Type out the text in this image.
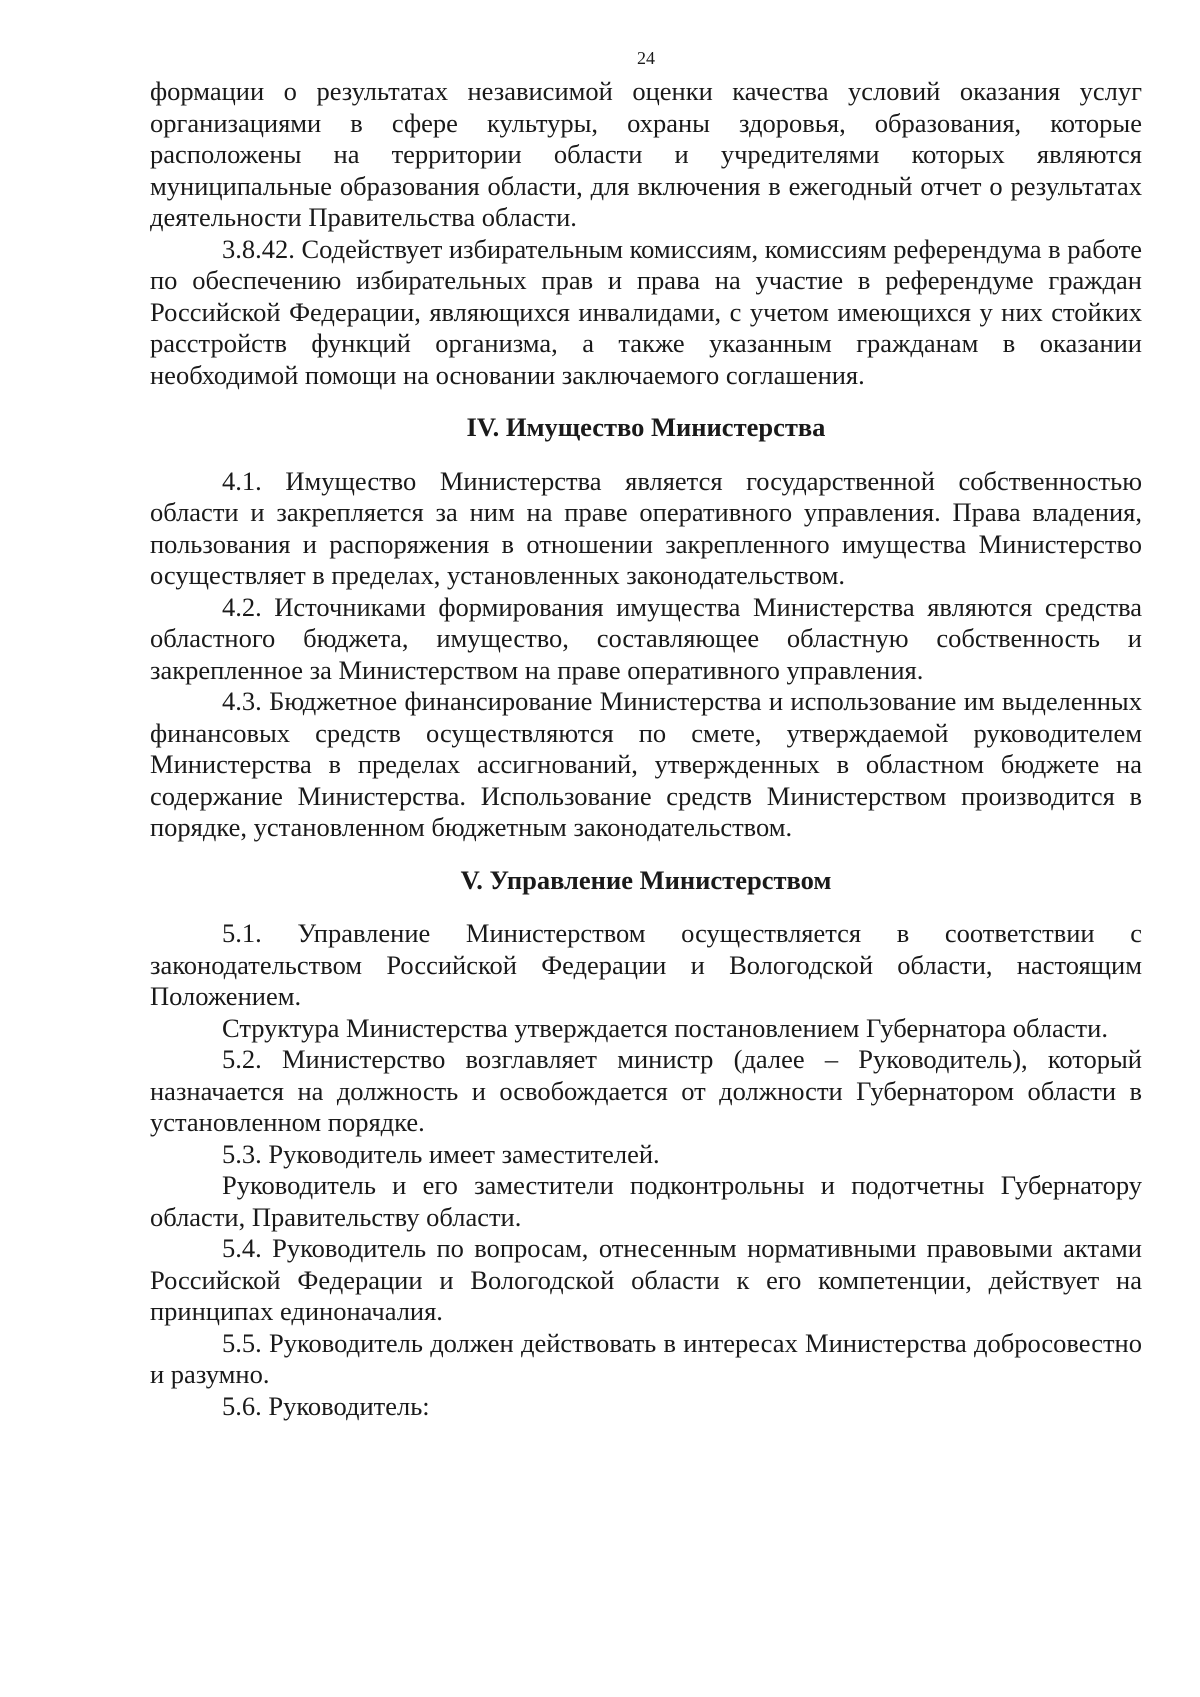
24

формации о результатах независимой оценки качества условий оказания услуг организациями в сфере культуры, охраны здоровья, образования, которые расположены на территории области и учредителями которых являются муниципальные образования области, для включения в ежегодный отчет о результатах деятельности Правительства области.

3.8.42. Содействует избирательным комиссиям, комиссиям референдума в работе по обеспечению избирательных прав и права на участие в референдуме граждан Российской Федерации, являющихся инвалидами, с учетом имеющихся у них стойких расстройств функций организма, а также указанным гражданам в оказании необходимой помощи на основании заключаемого соглашения.

IV. Имущество Министерства

4.1. Имущество Министерства является государственной собственностью области и закрепляется за ним на праве оперативного управления. Права владения, пользования и распоряжения в отношении закрепленного имущества Министерство осуществляет в пределах, установленных законодательством.

4.2. Источниками формирования имущества Министерства являются средства областного бюджета, имущество, составляющее областную собственность и закрепленное за Министерством на праве оперативного управления.

4.3. Бюджетное финансирование Министерства и использование им выделенных финансовых средств осуществляются по смете, утверждаемой руководителем Министерства в пределах ассигнований, утвержденных в областном бюджете на содержание Министерства. Использование средств Министерством производится в порядке, установленном бюджетным законодательством.

V. Управление Министерством

5.1. Управление Министерством осуществляется в соответствии с законодательством Российской Федерации и Вологодской области, настоящим Положением.

Структура Министерства утверждается постановлением Губернатора области.

5.2. Министерство возглавляет министр (далее – Руководитель), который назначается на должность и освобождается от должности Губернатором области в установленном порядке.

5.3. Руководитель имеет заместителей.

Руководитель и его заместители подконтрольны и подотчетны Губернатору области, Правительству области.

5.4. Руководитель по вопросам, отнесенным нормативными правовыми актами Российской Федерации и Вологодской области к его компетенции, действует на принципах единоначалия.

5.5. Руководитель должен действовать в интересах Министерства добросовестно и разумно.

5.6. Руководитель:
